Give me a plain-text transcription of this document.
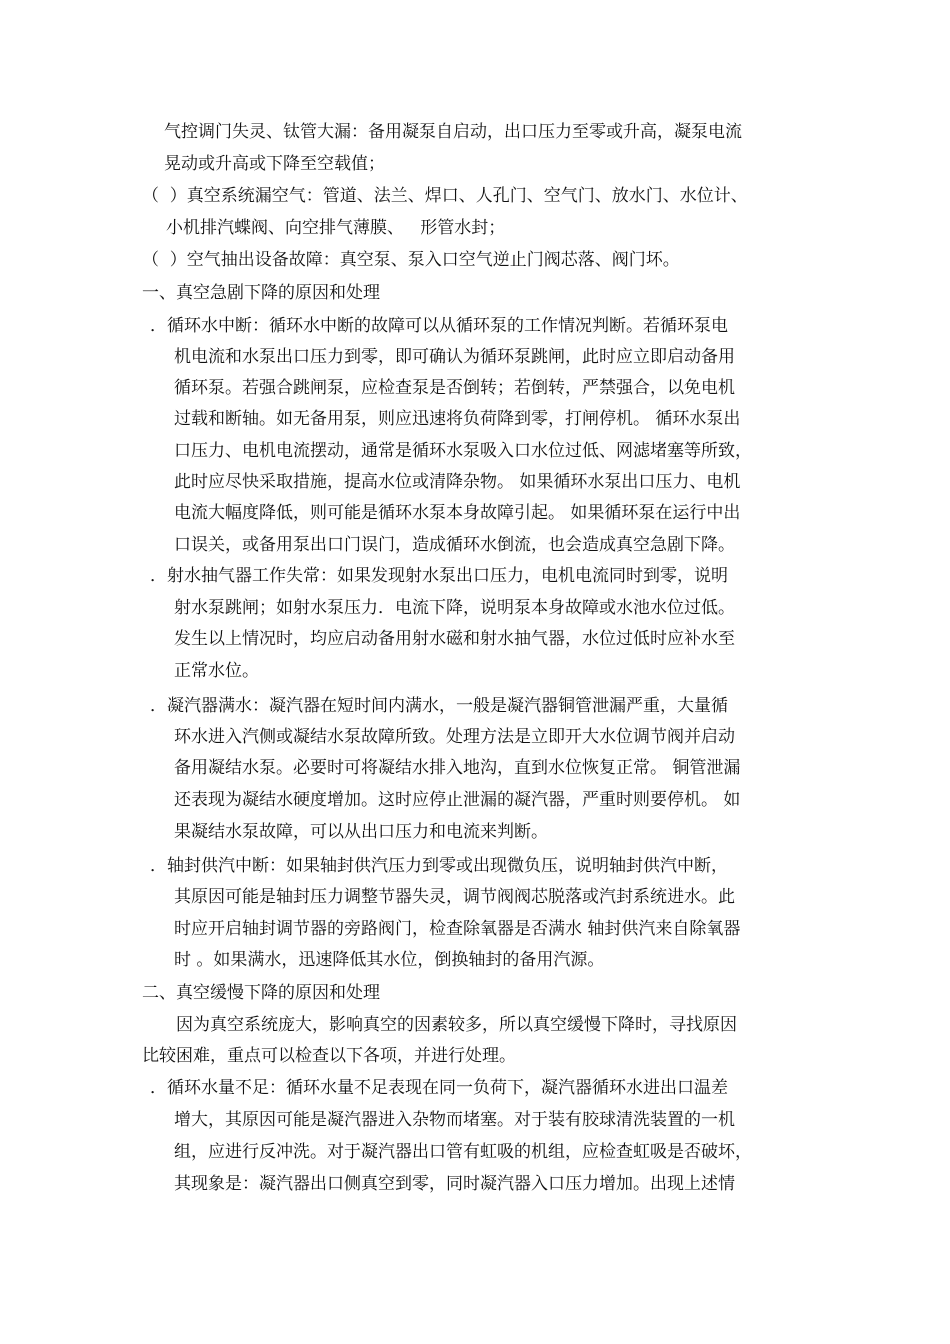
气控调门失灵、钛管大漏：备用凝泵自启动，出口压力至零或升高，凝泵电流
晃动或升高或下降至空载值；
（  ）真空系统漏空气：管道、法兰、焊口、人孔门、空气门、放水门、水位计、
小机排汽蝶阀、向空排气薄膜、   形管水封；
（  ）空气抽出设备故障：真空泵、泵入口空气逆止门阀芯落、阀门坏。
一、真空急剧下降的原因和处理
．循环水中断：循环水中断的故障可以从循环泵的工作情况判断。若循环泵电
机电流和水泵出口压力到零，即可确认为循环泵跳闸，此时应立即启动备用
循环泵。若强合跳闸泵，应检查泵是否倒转；若倒转，严禁强合，以免电机
过载和断轴。如无备用泵，则应迅速将负荷降到零，打闸停机。 循环水泵出
口压力、电机电流摆动，通常是循环水泵吸入口水位过低、网滤堵塞等所致，
此时应尽快采取措施，提高水位或清降杂物。 如果循环水泵出口压力、电机
电流大幅度降低，则可能是循环水泵本身故障引起。 如果循环泵在运行中出
口误关，或备用泵出口门误门，造成循环水倒流，也会造成真空急剧下降。
．射水抽气器工作失常：如果发现射水泵出口压力，电机电流同时到零，说明
射水泵跳闸；如射水泵压力．电流下降，说明泵本身故障或水池水位过低。
发生以上情况时，均应启动备用射水磁和射水抽气器，水位过低时应补水至
正常水位。
．凝汽器满水：凝汽器在短时间内满水，一般是凝汽器铜管泄漏严重，大量循
环水进入汽侧或凝结水泵故障所致。处理方法是立即开大水位调节阀并启动
备用凝结水泵。必要时可将凝结水排入地沟，直到水位恢复正常。 铜管泄漏
还表现为凝结水硬度增加。这时应停止泄漏的凝汽器，严重时则要停机。 如
果凝结水泵故障，可以从出口压力和电流来判断。
．轴封供汽中断：如果轴封供汽压力到零或出现微负压，说明轴封供汽中断，
其原因可能是轴封压力调整节器失灵，调节阀阀芯脱落或汽封系统进水。此
时应开启轴封调节器的旁路阀门，检查除氧器是否满水 轴封供汽来自除氧器
时 。如果满水，迅速降低其水位，倒换轴封的备用汽源。
二、真空缓慢下降的原因和处理
因为真空系统庞大，影响真空的因素较多，所以真空缓慢下降时，寻找原因
比较困难，重点可以检查以下各项，并进行处理。
．循环水量不足：循环水量不足表现在同一负荷下，凝汽器循环水进出口温差
增大，其原因可能是凝汽器进入杂物而堵塞。对于装有胶球清洗装置的一机
组，应进行反冲洗。对于凝汽器出口管有虹吸的机组，应检查虹吸是否破坏，
其现象是：凝汽器出口侧真空到零，同时凝汽器入口压力增加。出现上述情
